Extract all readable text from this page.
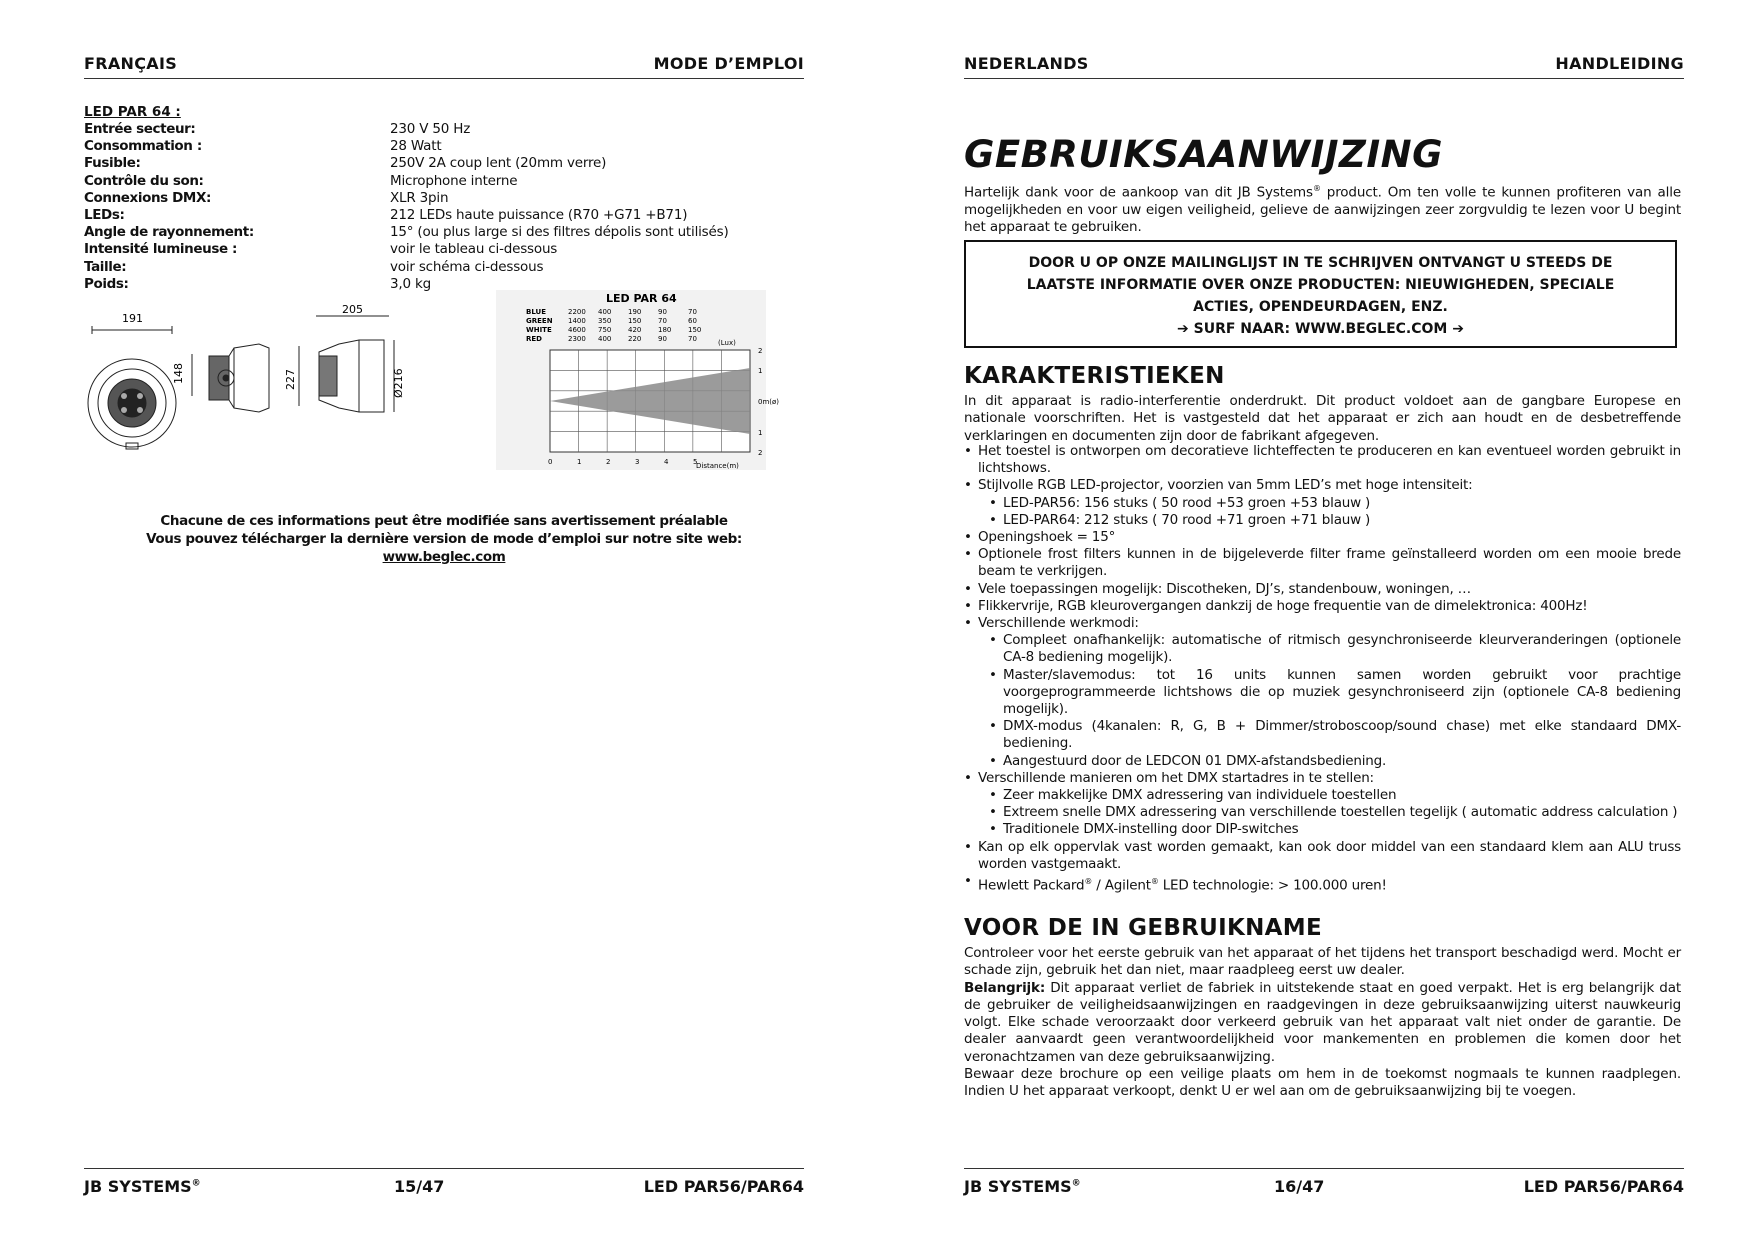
FRANÇAIS	MODE D’EMPLOI
LED PAR 64 :
Entrée secteur:	230 V 50 Hz
Consommation :	28 Watt
Fusible:	250V 2A coup lent (20mm verre)
Contrôle du son:	Microphone interne
Connexions DMX:	XLR 3pin
LEDs:	212 LEDs haute puissance (R70 +G71 +B71)
Angle de rayonnement:	15° (ou plus large si des filtres dépolis sont utilisés)
Intensité lumineuse :	voir le tableau ci-dessous
Taille:	voir schéma ci-dessous
Poids:	3,0 kg
191
148
205
227	Ø216
LED PAR 64
BLUE	2200 400 190 90	70
GREEN 1400 350 150 70	60
WHITE 4600 750 420 180 150
RED	2300 400 220 90	70	(Lux)
2
1
0m(ø)
1
2
0	1	2	3	4	5
Distance(m)
Chacune de ces informations peut être modifiée sans avertissement préalable
Vous pouvez télécharger la dernière version de mode d’emploi sur notre site web: www.beglec.com
JB SYSTEMS®	15/47	LED PAR56/PAR64
NEDERLANDS	HANDLEIDING
GEBRUIKSAANWIJZING
Hartelijk dank voor de aankoop van dit JB Systems® product. Om ten volle te kunnen profiteren van alle mogelijkheden en voor uw eigen veiligheid, gelieve de aanwijzingen zeer zorgvuldig te lezen voor U begint het apparaat te gebruiken.
DOOR U OP ONZE MAILINGLIJST IN TE SCHRIJVEN ONTVANGT U STEEDS DE
LAATSTE INFORMATIE OVER ONZE PRODUCTEN: NIEUWIGHEDEN, SPECIALE
ACTIES, OPENDEURDAGEN, ENZ.
➔ SURF NAAR: WWW.BEGLEC.COM ➔
KARAKTERISTIEKEN
In dit apparaat is radio-interferentie onderdrukt. Dit product voldoet aan de gangbare Europese en nationale voorschriften. Het is vastgesteld dat het apparaat er zich aan houdt en de desbetreffende verklaringen en documenten zijn door de fabrikant afgegeven.
• Het toestel is ontworpen om decoratieve lichteffecten te produceren en kan eventueel worden gebruikt in lichtshows.
• Stijlvolle RGB LED-projector, voorzien van 5mm LED’s met hoge intensiteit:
• LED-PAR56: 156 stuks ( 50 rood +53 groen +53 blauw )
• LED-PAR64: 212 stuks ( 70 rood +71 groen +71 blauw )
• Openingshoek = 15°
• Optionele frost filters kunnen in de bijgeleverde filter frame geïnstalleerd worden om een mooie brede beam te verkrijgen.
• Vele toepassingen mogelijk: Discotheken, DJ’s, standenbouw, woningen, …
• Flikkervrije, RGB kleurovergangen dankzij de hoge frequentie van de dimelektronica: 400Hz!
• Verschillende werkmodi:
• Compleet onafhankelijk: automatische of ritmisch gesynchroniseerde kleurveranderingen (optionele CA-8 bediening mogelijk).
• Master/slavemodus: tot 16 units kunnen samen worden gebruikt voor prachtige voorgeprogrammeerde lichtshows die op muziek gesynchroniseerd zijn (optionele CA-8 bediening mogelijk).
• DMX-modus (4kanalen: R, G, B + Dimmer/stroboscoop/sound chase) met elke standaard DMX-bediening.
• Aangestuurd door de LEDCON 01 DMX-afstandsbediening.
• Verschillende manieren om het DMX startadres in te stellen:
• Zeer makkelijke DMX adressering van individuele toestellen
• Extreem snelle DMX adressering van verschillende toestellen tegelijk ( automatic address calculation )
• Traditionele DMX-instelling door DIP-switches
• Kan op elk oppervlak vast worden gemaakt, kan ook door middel van een standaard klem aan ALU truss worden vastgemaakt.
• Hewlett Packard® / Agilent® LED technologie: > 100.000 uren!
VOOR DE IN GEBRUIKNAME

Controleer voor het eerste gebruik van het apparaat of het tijdens het transport beschadigd werd. Mocht er schade zijn, gebruik het dan niet, maar raadpleeg eerst uw dealer.

Belangrijk: Dit apparaat verliet de fabriek in uitstekende staat en goed verpakt. Het is erg belangrijk dat de gebruiker de veiligheidsaanwijzingen en raadgevingen in deze gebruiksaanwijzing uiterst nauwkeurig volgt. Elke schade veroorzaakt door verkeerd gebruik van het apparaat valt niet onder de garantie. De dealer aanvaardt geen verantwoordelijkheid voor mankementen en problemen die komen door het veronachtzamen van deze gebruiksaanwijzing.

Bewaar deze brochure op een veilige plaats om hem in de toekomst nogmaals te kunnen raadplegen. Indien U het apparaat verkoopt, denkt U er wel aan om de gebruiksaanwijzing bij te voegen.

JB SYSTEMS®	16/47	LED PAR56/PAR64
